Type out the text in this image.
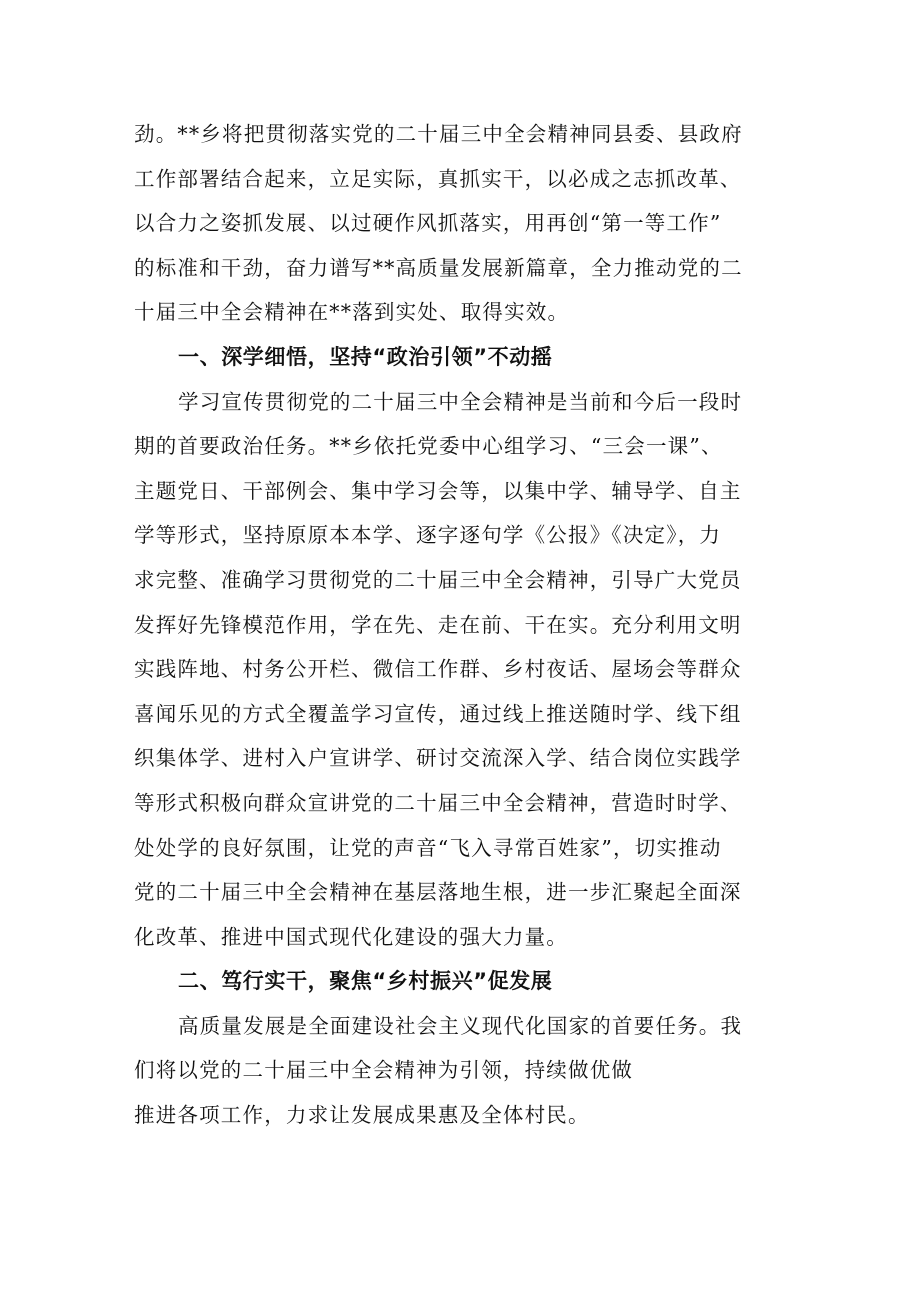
劲。**乡将把贯彻落实党的二十届三中全会精神同县委、县政府
工作部署结合起来，立足实际，真抓实干，以必成之志抓改革、
以合力之姿抓发展、以过硬作风抓落实，用再创“第一等工作”
的标准和干劲，奋力谱写**高质量发展新篇章，全力推动党的二
十届三中全会精神在**落到实处、取得实效。
一、深学细悟，坚持“政治引领”不动摇
学习宣传贯彻党的二十届三中全会精神是当前和今后一段时
期的首要政治任务。**乡依托党委中心组学习、“三会一课”、
主题党日、干部例会、集中学习会等，以集中学、辅导学、自主
学等形式，坚持原原本本学、逐字逐句学《公报》《决定》，力
求完整、准确学习贯彻党的二十届三中全会精神，引导广大党员
发挥好先锋模范作用，学在先、走在前、干在实。充分利用文明
实践阵地、村务公开栏、微信工作群、乡村夜话、屋场会等群众
喜闻乐见的方式全覆盖学习宣传，通过线上推送随时学、线下组
织集体学、进村入户宣讲学、研讨交流深入学、结合岗位实践学
等形式积极向群众宣讲党的二十届三中全会精神，营造时时学、
处处学的良好氛围，让党的声音“飞入寻常百姓家”，切实推动
党的二十届三中全会精神在基层落地生根，进一步汇聚起全面深
化改革、推进中国式现代化建设的强大力量。
二、笃行实干，聚焦“乡村振兴”促发展
高质量发展是全面建设社会主义现代化国家的首要任务。我
们将以党的二十届三中全会精神为引领，持续做优做
推进各项工作，力求让发展成果惠及全体村民。
